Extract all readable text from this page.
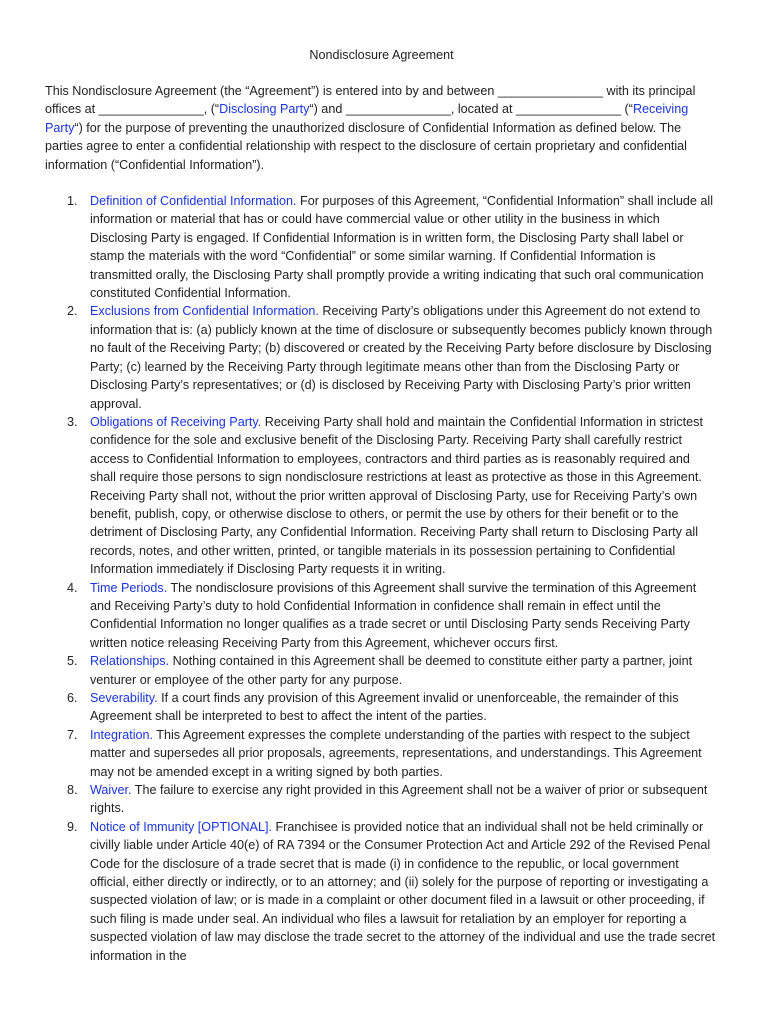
Nondisclosure Agreement

This Nondisclosure Agreement (the “Agreement”) is entered into by and between _______________ with its principal offices at _______________, (“Disclosing Party“) and _______________, located at _______________ (“Receiving Party“) for the purpose of preventing the unauthorized disclosure of Confidential Information as defined below. The parties agree to enter a confidential relationship with respect to the disclosure of certain proprietary and confidential information (“Confidential Information”).

1. Definition of Confidential Information. For purposes of this Agreement, “Confidential Information” shall include all information or material that has or could have commercial value or other utility in the business in which Disclosing Party is engaged. If Confidential Information is in written form, the Disclosing Party shall label or stamp the materials with the word “Confidential” or some similar warning. If Confidential Information is transmitted orally, the Disclosing Party shall promptly provide a writing indicating that such oral communication constituted Confidential Information.
2. Exclusions from Confidential Information. Receiving Party’s obligations under this Agreement do not extend to information that is: (a) publicly known at the time of disclosure or subsequently becomes publicly known through no fault of the Receiving Party; (b) discovered or created by the Receiving Party before disclosure by Disclosing Party; (c) learned by the Receiving Party through legitimate means other than from the Disclosing Party or Disclosing Party’s representatives; or (d) is disclosed by Receiving Party with Disclosing Party’s prior written approval.
3. Obligations of Receiving Party. Receiving Party shall hold and maintain the Confidential Information in strictest confidence for the sole and exclusive benefit of the Disclosing Party. Receiving Party shall carefully restrict access to Confidential Information to employees, contractors and third parties as is reasonably required and shall require those persons to sign nondisclosure restrictions at least as protective as those in this Agreement. Receiving Party shall not, without the prior written approval of Disclosing Party, use for Receiving Party’s own benefit, publish, copy, or otherwise disclose to others, or permit the use by others for their benefit or to the detriment of Disclosing Party, any Confidential Information. Receiving Party shall return to Disclosing Party all records, notes, and other written, printed, or tangible materials in its possession pertaining to Confidential Information immediately if Disclosing Party requests it in writing.
4. Time Periods. The nondisclosure provisions of this Agreement shall survive the termination of this Agreement and Receiving Party’s duty to hold Confidential Information in confidence shall remain in effect until the Confidential Information no longer qualifies as a trade secret or until Disclosing Party sends Receiving Party written notice releasing Receiving Party from this Agreement, whichever occurs first.
5. Relationships. Nothing contained in this Agreement shall be deemed to constitute either party a partner, joint venturer or employee of the other party for any purpose.
6. Severability. If a court finds any provision of this Agreement invalid or unenforceable, the remainder of this Agreement shall be interpreted to best to affect the intent of the parties.
7. Integration. This Agreement expresses the complete understanding of the parties with respect to the subject matter and supersedes all prior proposals, agreements, representations, and understandings. This Agreement may not be amended except in a writing signed by both parties.
8. Waiver. The failure to exercise any right provided in this Agreement shall not be a waiver of prior or subsequent rights.
9. Notice of Immunity [OPTIONAL]. Franchisee is provided notice that an individual shall not be held criminally or civilly liable under Article 40(e) of RA 7394 or the Consumer Protection Act and Article 292 of the Revised Penal Code for the disclosure of a trade secret that is made (i) in confidence to the republic, or local government official, either directly or indirectly, or to an attorney; and (ii) solely for the purpose of reporting or investigating a suspected violation of law; or is made in a complaint or other document filed in a lawsuit or other proceeding, if such filing is made under seal. An individual who files a lawsuit for retaliation by an employer for reporting a suspected violation of law may disclose the trade secret to the attorney of the individual and use the trade secret information in the
